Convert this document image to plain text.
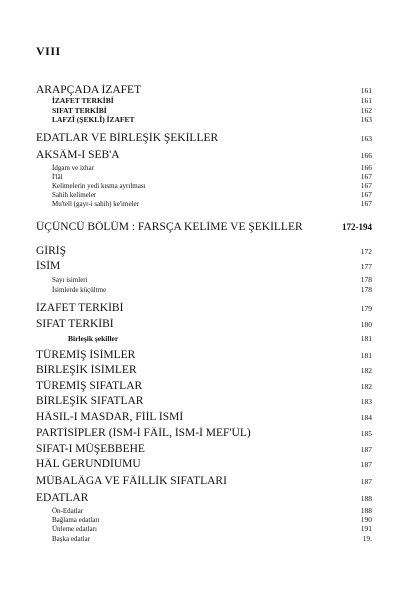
VIII
ARAPÇADA İZAFET	161
İZAFET TERKİBİ	161
SIFAT TERKİBİ	162
LAFZÎ (ŞEKLÎ) İZAFET	163
EDATLAR VE BİRLEŞİK ŞEKİLLER	163
AKSÂM-I SEB'A	166
İdgam ve izhar	166
İ'lâl	167
Kelimelerin yedi kısma ayrılması	167
Sahih kelimeler	167
Mu'tell (gayr-i sahih) ke'imeler	167
ÜÇÜNCÜ BÖLÜM : FARSÇA KELİME VE ŞEKİLLER	172-194
GİRİŞ	172
İSİM	177
Sayı isimleri	178
İsimlerde küçültme	178
İZAFET TERKİBİ	179
SIFAT TERKİBİ	180
Birleşik şekiller	181
TÜREMİŞ İSİMLER	181
BİRLEŞİK İSİMLER	182
TÜREMİŞ SIFATLAR	182
BİRLEŞİK SIFATLAR	183
HÂSIL-I MASDAR, FİİL İSMİ	184
PARTİSİPLER (İSM-İ FÂİL, İSM-İ MEF'ÛL)	185
SIFAT-I MÜŞEBBEHE	187
HÂL GERUNDİUMU	187
MÜBALÂGA VE FÂİLLİK SIFATLARI	187
EDATLAR	188
Ön-Edatlar	188
Bağlama edatları	190
Ünleme edatları	191
Başka edatlar	19.
